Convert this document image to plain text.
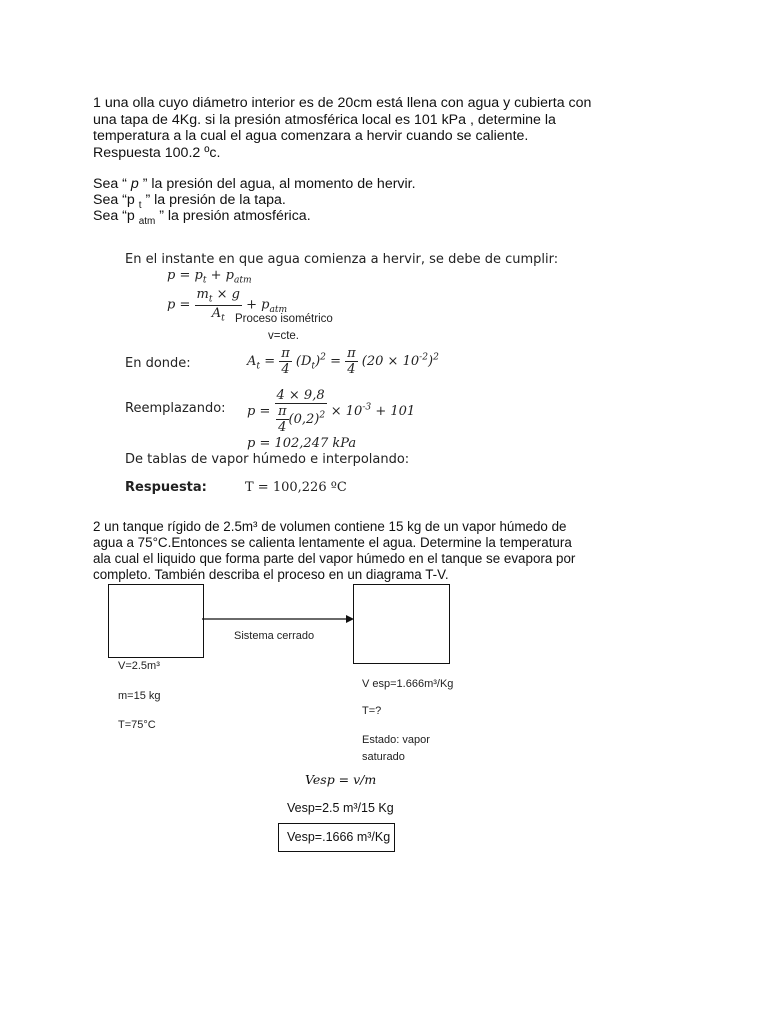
1 una olla cuyo diámetro interior es de 20cm está llena con agua y cubierta con una tapa de 4Kg. si la presión atmosférica local es 101 kPa , determine la temperatura a la cual el agua comenzara a hervir cuando se caliente. Respuesta 100.2 ºc.
Sea “ p ” la presión del agua, al momento de hervir.
Sea “p $_t$ ” la presión de la tapa.
Sea “p $_{atm}$ ” la presión atmosférica.
En el instante en que agua comienza a hervir, se debe de cumplir:
$p = p_t + p_{atm}$
$p = \frac{m_t \times g}{A_t} + p_{atm}$
Proceso isométrico
v=cte.
En donde:	$A_t = \frac{\pi}{4} (D_t)^2 = \frac{\pi}{4} (20 \times 10^{-2})^2$
Reemplazando: $p = \frac{4 \times 9,8}{\frac{\pi}{4} (0,2)^2} \times 10^{-3} + 101$
p = 102,247 kPa
De tablas de vapor húmedo e interpolando:
Respuesta:	T = 100,226 ºC
2 un tanque rígido de 2.5m³ de volumen contiene 15 kg de un vapor húmedo de agua a 75°C.Entonces se calienta lentamente el agua. Determine la temperatura ala cual el liquido que forma parte del vapor húmedo en el tanque se evapora por completo. También describa el proceso en un diagrama T-V.
Sistema cerrado
V=2.5m³
m=15 kg
T=75°C
V esp=1.666m³/Kg
T=?
Estado: vapor
saturado
Vesp = v/m
Vesp=2.5 m³/15 Kg
Vesp=.1666 m³/Kg
